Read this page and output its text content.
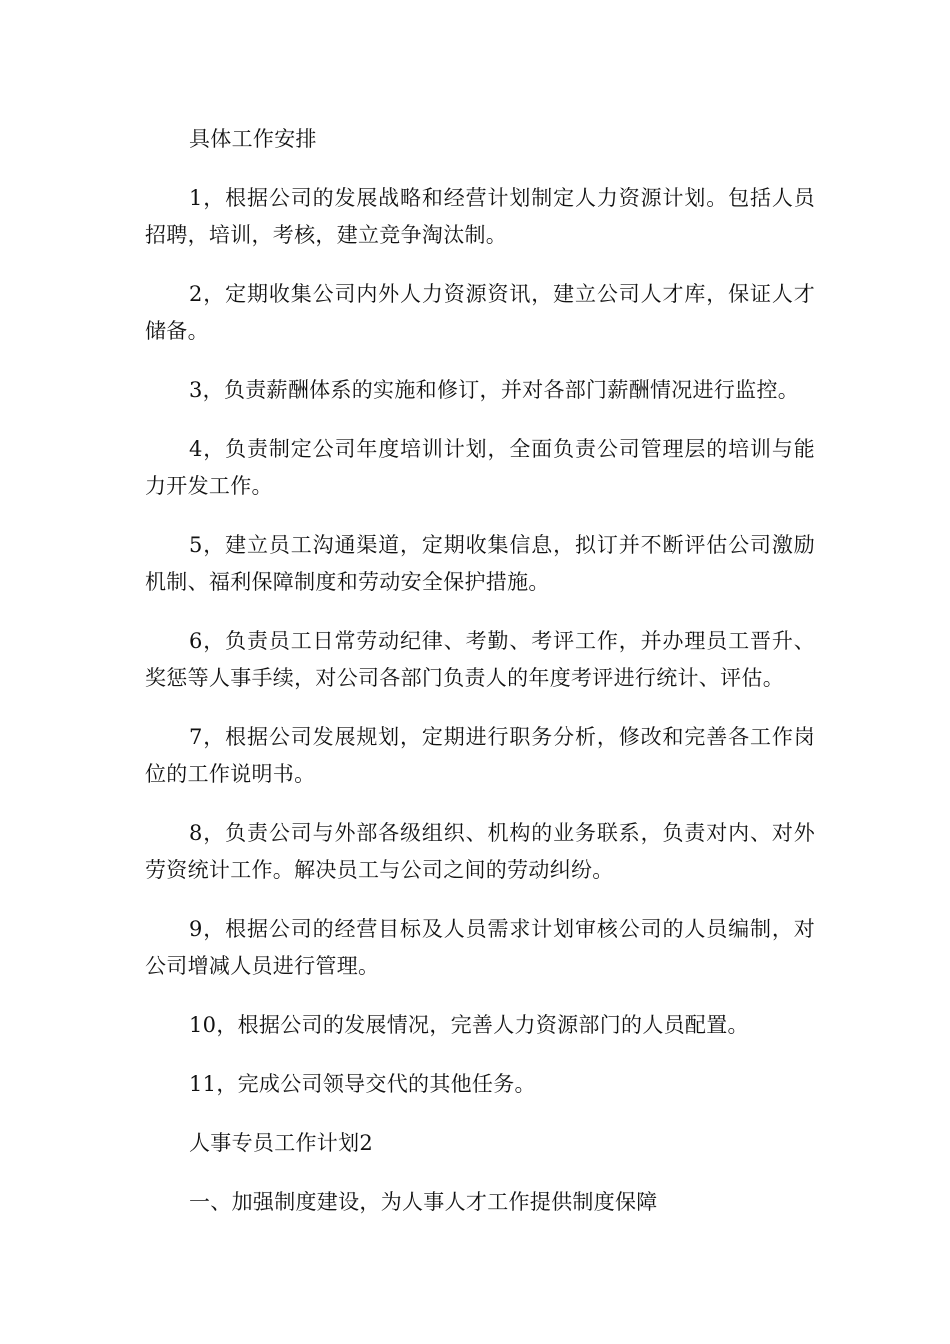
具体工作安排

1，根据公司的发展战略和经营计划制定人力资源计划。包括人员招聘，培训，考核，建立竞争淘汰制。

2，定期收集公司内外人力资源资讯，建立公司人才库，保证人才储备。

3，负责薪酬体系的实施和修订，并对各部门薪酬情况进行监控。

4，负责制定公司年度培训计划，全面负责公司管理层的培训与能力开发工作。

5，建立员工沟通渠道，定期收集信息，拟订并不断评估公司激励机制、福利保障制度和劳动安全保护措施。

6，负责员工日常劳动纪律、考勤、考评工作，并办理员工晋升、奖惩等人事手续，对公司各部门负责人的年度考评进行统计、评估。

7，根据公司发展规划，定期进行职务分析，修改和完善各工作岗位的工作说明书。

8，负责公司与外部各级组织、机构的业务联系，负责对内、对外劳资统计工作。解决员工与公司之间的劳动纠纷。

9，根据公司的经营目标及人员需求计划审核公司的人员编制，对公司增减人员进行管理。

10，根据公司的发展情况，完善人力资源部门的人员配置。

11，完成公司领导交代的其他任务。

人事专员工作计划2

一、加强制度建设，为人事人才工作提供制度保障
